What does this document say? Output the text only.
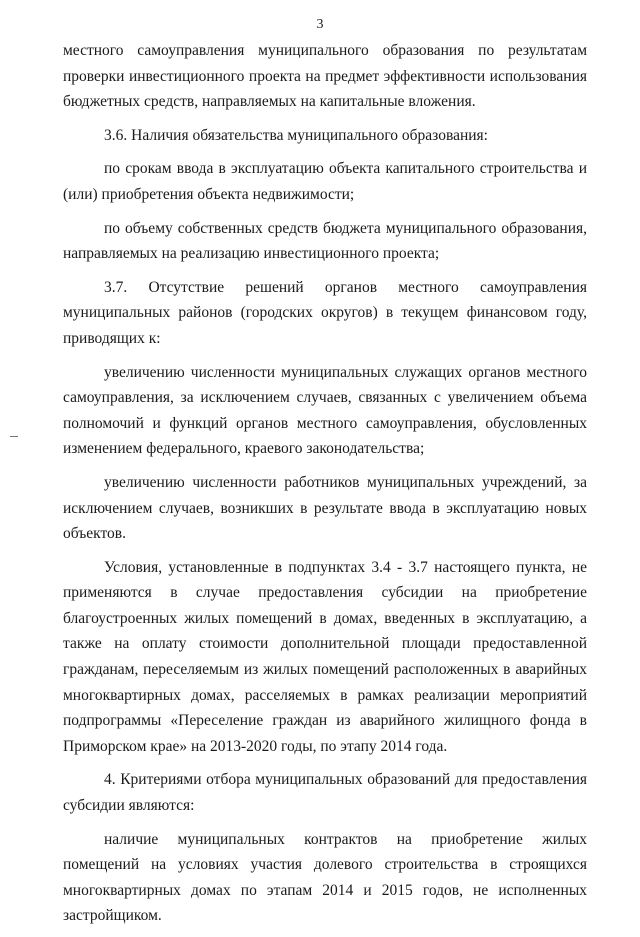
3

местного самоуправления муниципального образования по результатам проверки инвестиционного проекта на предмет эффективности использования бюджетных средств, направляемых на капитальные вложения.

3.6. Наличия обязательства муниципального образования:

по срокам ввода в эксплуатацию объекта капитального строительства и (или) приобретения объекта недвижимости;

по объему собственных средств бюджета муниципального образования, направляемых на реализацию инвестиционного проекта;

3.7. Отсутствие решений органов местного самоуправления муниципальных районов (городских округов) в текущем финансовом году, приводящих к:

увеличению численности муниципальных служащих органов местного самоуправления, за исключением случаев, связанных с увеличением объема полномочий и функций органов местного самоуправления, обусловленных изменением федерального, краевого законодательства;

увеличению численности работников муниципальных учреждений, за исключением случаев, возникших в результате ввода в эксплуатацию новых объектов.

Условия, установленные в подпунктах 3.4 - 3.7 настоящего пункта, не применяются в случае предоставления субсидии на приобретение благоустроенных жилых помещений в домах, введенных в эксплуатацию, а также на оплату стоимости дополнительной площади предоставленной гражданам, переселяемым из жилых помещений расположенных в аварийных многоквартирных домах, расселяемых в рамках реализации мероприятий подпрограммы «Переселение граждан из аварийного жилищного фонда в Приморском крае» на 2013-2020 годы, по этапу 2014 года.

4. Критериями отбора муниципальных образований для предоставления субсидии являются:

наличие муниципальных контрактов на приобретение жилых помещений на условиях участия долевого строительства в строящихся многоквартирных домах по этапам 2014 и 2015 годов, не исполненных застройщиком.
